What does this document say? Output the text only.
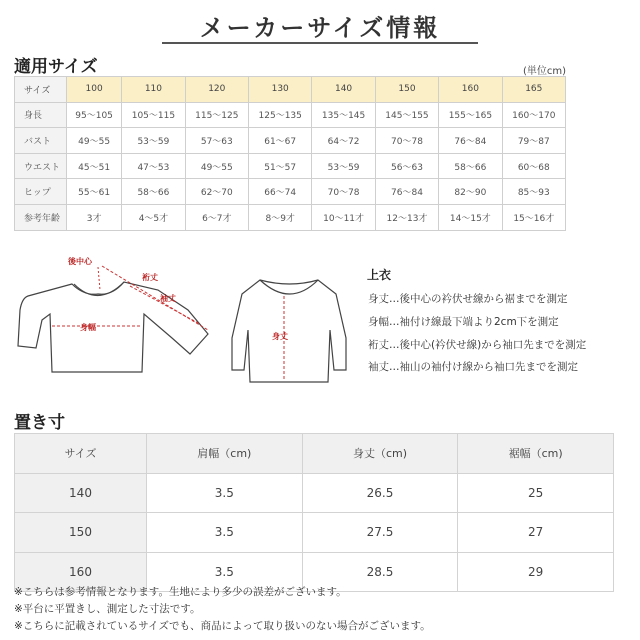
メーカーサイズ情報
適用サイズ	(単位cm)
サイズ	100	110	120	130	140	150	160	165
身長	95〜105	105〜115	115〜125	125〜135	135〜145	145〜155	155〜165	160〜170
バスト	49〜55	53〜59	57〜63	61〜67	64〜72	70〜78	76〜84	79〜87
ウエスト	45〜51	47〜53	49〜55	51〜57	53〜59	56〜63	58〜66	60〜68
ヒップ	55〜61	58〜66	62〜70	66〜74	70〜78	76〜84	82〜90	85〜93
参考年齢	3才	4〜5才	6〜7才	8〜9才	10〜11才	12〜13才	14〜15才	15〜16才
後中心
裄丈
袖丈
身幅
身丈
上衣
身丈…後中心の衿伏せ線から裾までを測定
身幅…袖付け線最下端より2cm下を測定
裄丈…後中心(衿伏せ線)から袖口先までを測定
袖丈…袖山の袖付け線から袖口先までを測定
置き寸
サイズ	肩幅（cm)	身丈（cm)	裾幅（cm)
140	3.5	26.5	25
150	3.5	27.5	27
160	3.5	28.5	29
※こちらは参考情報となります。生地により多少の誤差がございます。
※平台に平置きし、測定した寸法です。
※こちらに記載されているサイズでも、商品によって取り扱いのない場合がございます。
